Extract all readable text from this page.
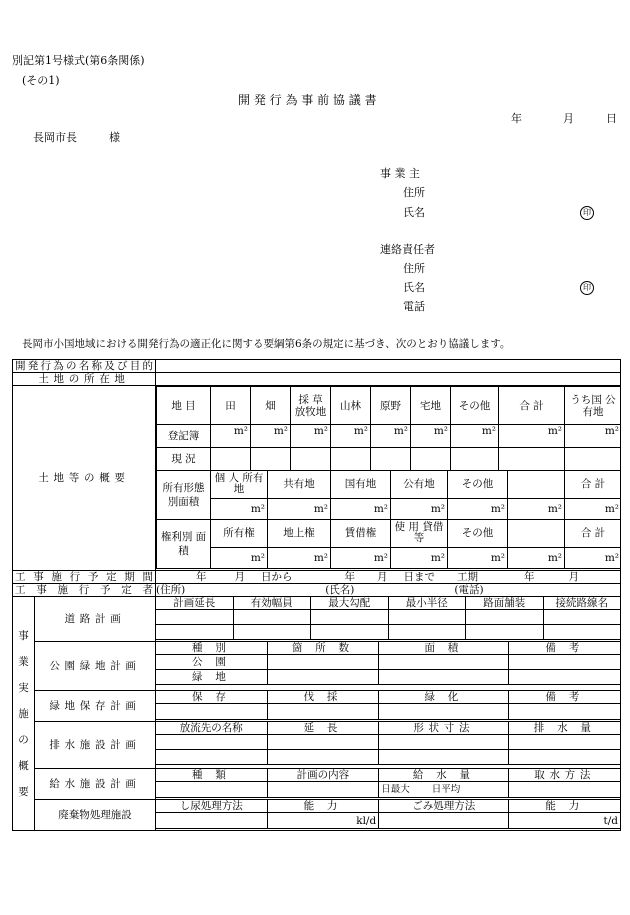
別記第1号様式(第6条関係)
(その1)
開 発 行 為 事 前 協 議 書
年	月	日
長岡市長	様
事 業 主
住所
氏名	印
連絡責任者
住所
氏名	印
電話
長岡市小国地域における開発行為の適正化に関する要綱第6条の規定に基づき、次のとおり協議します。
開発行為の名称及び目的	
土地の所在地	
土地等の概要	
地 目	田	畑	採 草 放牧地	山林	原野	宅地	その他	合 計	うち国 公有地
登記簿	m²	m²	m²	m²	m²	m²	m²	m²	m²
現 況									
所有形態 別面積	個 人 所有地	共有地	国有地	公有地	その他		合 計
m²	m²	m²	m²	m²	m²	m²
権利別 面 積	所有権	地上権	賃借権	使 用 貸借等	その他		合 計
m²	m²	m²	m²	m²	m²	m²

工事施行予定期間	年	月 日から	年 月 日まで 工期	年	月
工事施行予定者	(住所)	(氏名)	(電話)

事
業
実
施
の
概
要
	道路計画	
計画延長	有効幅員	最大勾配	最小半径	路面舗装	接続路線名

公園緑地計画	
種 別	箇 所 数	面 積	備 考
公 園			
緑 地			

緑地保存計画	
保 存	伐 採	緑 化	備 考

排水施設計画	
放流先の名称	延 長	形状寸法	排 水 量

給水施設計画	
種 類	計画の内容	給 水 量	取水方法
		日最大 日平均	

廃棄物処理施設	
し尿処理方法	能 力	ごみ処理方法	能 力
	kl/d		t/d
